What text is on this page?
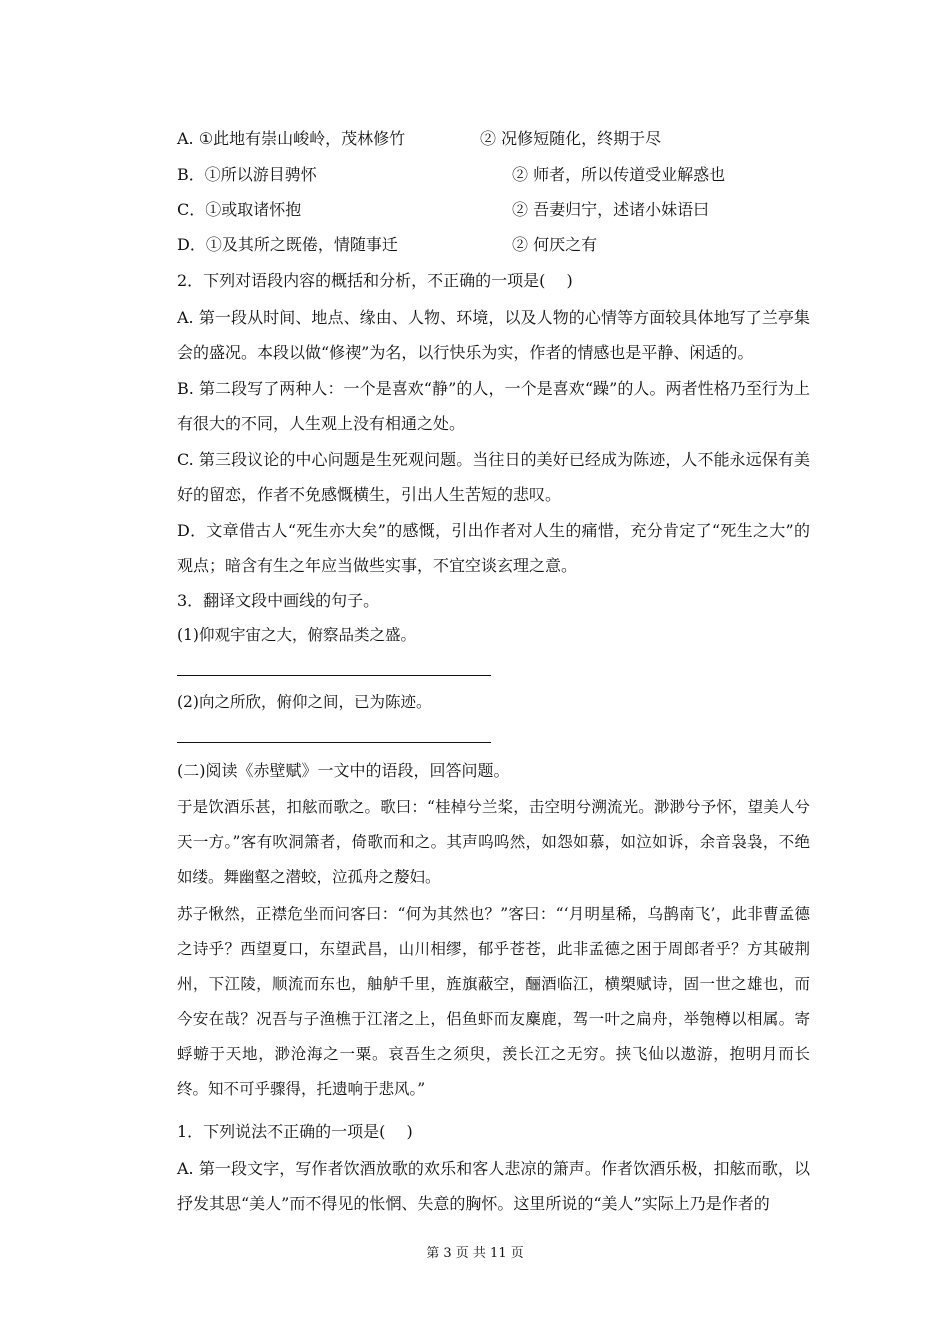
A. ①此地有崇山峻岭，茂林修竹	② 况修短随化，终期于尽
B．①所以游目骋怀	② 师者，所以传道受业解惑也
C．①或取诸怀抱	② 吾妻归宁，述诸小妹语曰
D．①及其所之既倦，情随事迁	② 何厌之有
2．下列对语段内容的概括和分析，不正确的一项是(　 )
A. 第一段从时间、地点、缘由、人物、环境，以及人物的心情等方面较具体地写了兰亭集会的盛况。本段以做“修禊”为名，以行快乐为实，作者的情感也是平静、闲适的。
B. 第二段写了两种人：一个是喜欢“静”的人，一个是喜欢“躁”的人。两者性格乃至行为上有很大的不同，人生观上没有相通之处。
C. 第三段议论的中心问题是生死观问题。当往日的美好已经成为陈迹，人不能永远保有美好的留恋，作者不免感慨横生，引出人生苦短的悲叹。
D．文章借古人“死生亦大矣”的感慨，引出作者对人生的痛惜，充分肯定了“死生之大”的观点；暗含有生之年应当做些实事，不宜空谈玄理之意。
3．翻译文段中画线的句子。
(1)仰观宇宙之大，俯察品类之盛。
(2)向之所欣，俯仰之间，已为陈迹。
(二)阅读《赤壁赋》一文中的语段，回答问题。
于是饮酒乐甚，扣舷而歌之。歌曰：“桂棹兮兰桨，击空明兮溯流光。渺渺兮予怀，望美人兮天一方。”客有吹洞箫者，倚歌而和之。其声呜呜然，如怨如慕，如泣如诉，余音袅袅，不绝如缕。舞幽壑之潜蛟，泣孤舟之嫠妇。
苏子愀然，正襟危坐而问客曰：“何为其然也？”客曰：“‘月明星稀，乌鹊南飞’，此非曹孟德之诗乎？西望夏口，东望武昌，山川相缪，郁乎苍苍，此非孟德之困于周郎者乎？方其破荆州，下江陵，顺流而东也，舳舻千里，旌旗蔽空，酾酒临江，横槊赋诗，固一世之雄也，而今安在哉？况吾与子渔樵于江渚之上，侣鱼虾而友麋鹿，驾一叶之扁舟，举匏樽以相属。寄蜉蝣于天地，渺沧海之一粟。哀吾生之须臾，羡长江之无穷。挟飞仙以遨游，抱明月而长终。知不可乎骤得，托遗响于悲风。”
1．下列说法不正确的一项是(　 )
A. 第一段文字，写作者饮酒放歌的欢乐和客人悲凉的箫声。作者饮酒乐极，扣舷而歌，以抒发其思“美人”而不得见的怅惘、失意的胸怀。这里所说的“美人”实际上乃是作者的
第 3 页 共 11 页
